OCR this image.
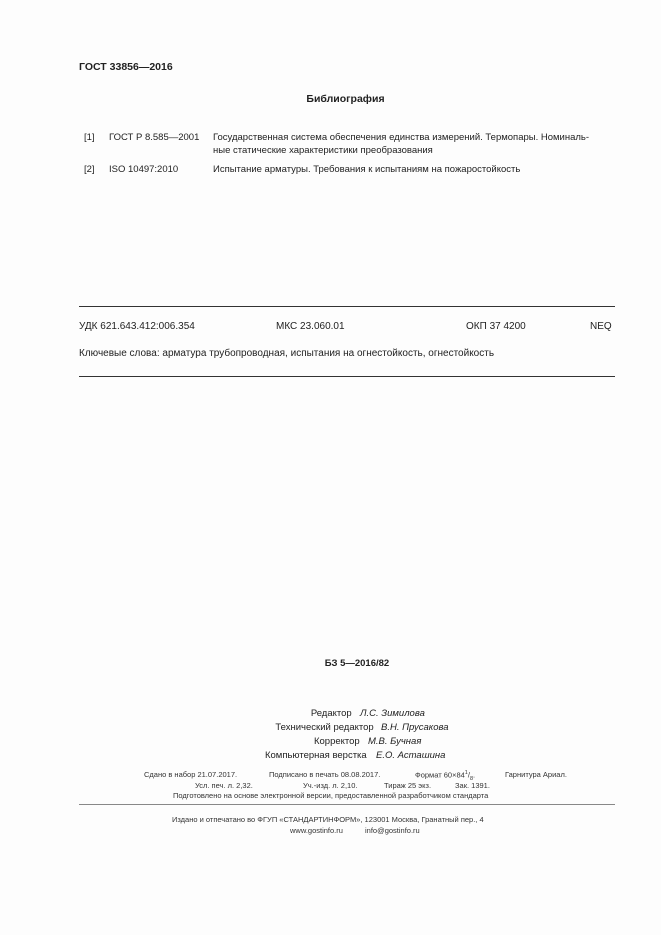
ГОСТ 33856—2016
Библиография
[1] ГОСТ Р 8.585—2001 Государственная система обеспечения единства измерений. Термопары. Номиналь-
ные статические характеристики преобразования
[2] ISO 10497:2010	Испытание арматуры. Требования к испытаниям на пожаростойкость
УДК 621.643.412:006.354	МКС 23.060.01	ОКП 37 4200	NEQ
Ключевые слова: арматура трубопроводная, испытания на огнестойкость, огнестойкость
БЗ 5—2016/82
Редактор Л.С. Зимилова
Технический редактор В.Н. Прусакова
Корректор М.В. Бучная
Компьютерная верстка Е.О. Асташина
Сдано в набор 21.07.2017.	Подписано в печать 08.08.2017.	Формат $60\times 84^1/_8$.	Гарнитура Ариал.
Усл. печ. л. 2,32.	Уч.-изд. л. 2,10.	Тираж 25 экз.	Зак. 1391.
Подготовлено на основе электронной версии, предоставленной разработчиком стандарта
Издано и отпечатано во ФГУП «СТАНДАРТИНФОРМ», 123001 Москва, Гранатный пер., 4
www.gostinfo.ru	info@gostinfo.ru
